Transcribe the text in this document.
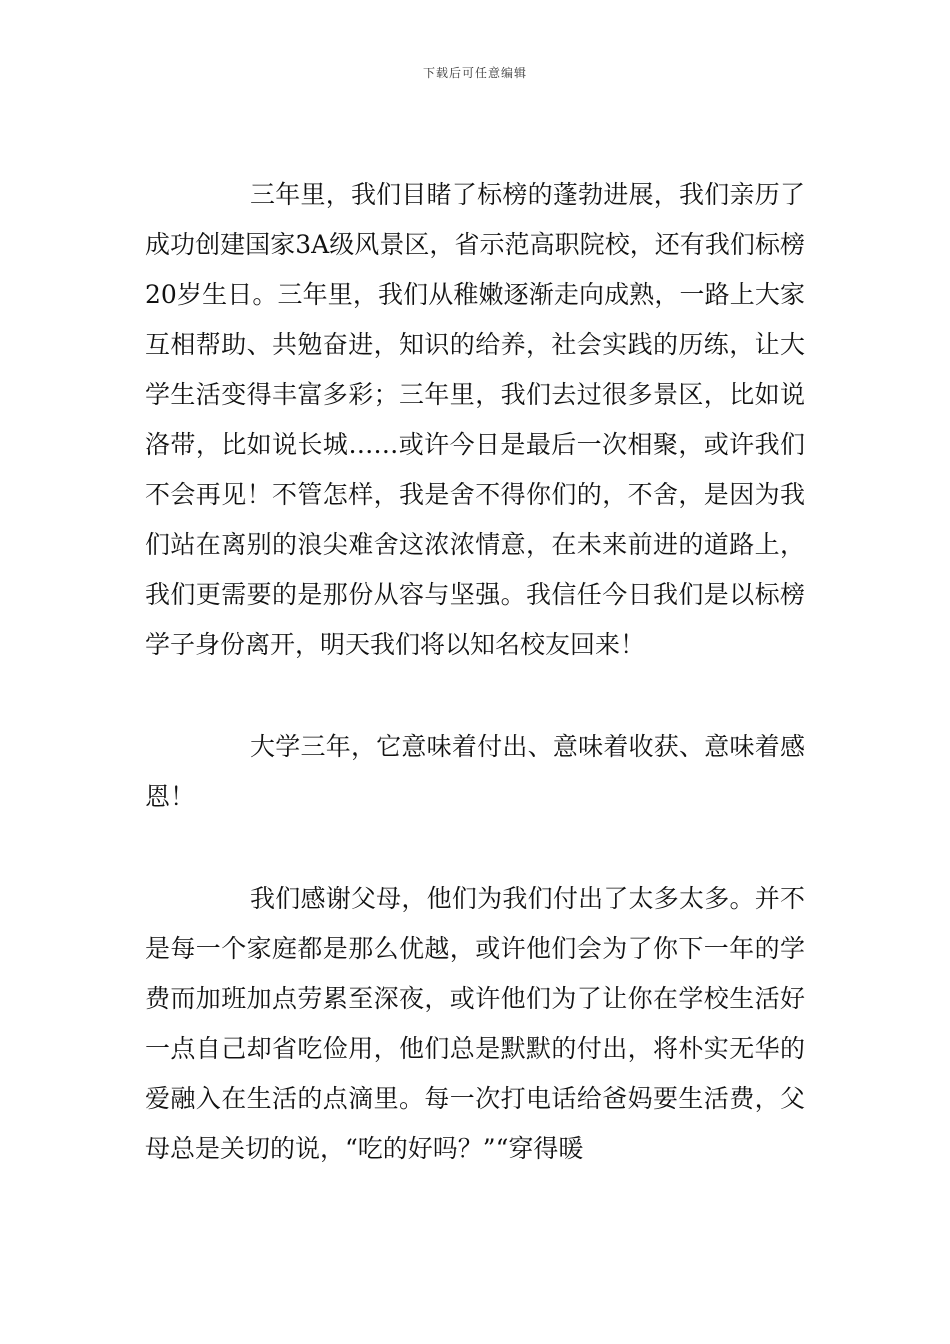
下载后可任意编辑

三年里，我们目睹了标榜的蓬勃进展，我们亲历了成功创建国家3A级风景区，省示范高职院校，还有我们标榜20岁生日。三年里，我们从稚嫩逐渐走向成熟，一路上大家互相帮助、共勉奋进，知识的给养，社会实践的历练，让大学生活变得丰富多彩；三年里，我们去过很多景区，比如说洛带，比如说长城……或许今日是最后一次相聚，或许我们不会再见！不管怎样，我是舍不得你们的，不舍，是因为我们站在离别的浪尖难舍这浓浓情意，在未来前进的道路上，我们更需要的是那份从容与坚强。我信任今日我们是以标榜学子身份离开，明天我们将以知名校友回来！

大学三年，它意味着付出、意味着收获、意味着感恩！

我们感谢父母，他们为我们付出了太多太多。并不是每一个家庭都是那么优越，或许他们会为了你下一年的学费而加班加点劳累至深夜，或许他们为了让你在学校生活好一点自己却省吃俭用，他们总是默默的付出，将朴实无华的爱融入在生活的点滴里。每一次打电话给爸妈要生活费，父母总是关切的说，“吃的好吗？”“穿得暖
